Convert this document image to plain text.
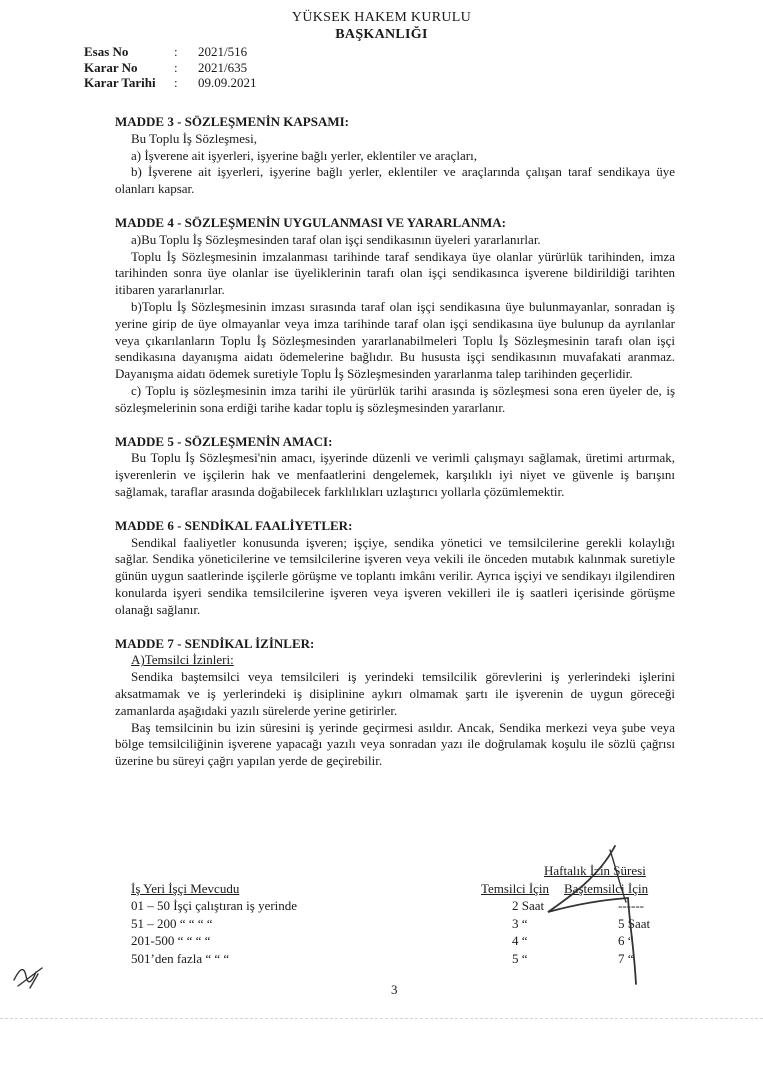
YÜKSEK HAKEM KURULU
BAŞKANLIĞI
Esas No	:	2021/516
Karar No	:	2021/635
Karar Tarihi	:	09.09.2021

MADDE 3 - SÖZLEŞMENİN KAPSAMI:

Bu Toplu İş Sözleşmesi,

a) İşverene ait işyerleri, işyerine bağlı yerler, eklentiler ve araçları,

b) İşverene ait işyerleri, işyerine bağlı yerler, eklentiler ve araçlarında çalışan taraf sendikaya üye olanları kapsar.

MADDE 4 - SÖZLEŞMENİN UYGULANMASI VE YARARLANMA:

a)Bu Toplu İş Sözleşmesinden taraf olan işçi sendikasının üyeleri yararlanırlar.

Toplu İş Sözleşmesinin imzalanması tarihinde taraf sendikaya üye olanlar yürürlük tarihinden, imza tarihinden sonra üye olanlar ise üyeliklerinin tarafı olan işçi sendikasınca işverene bildirildiği tarihten itibaren yararlanırlar.

b)Toplu İş Sözleşmesinin imzası sırasında taraf olan işçi sendikasına üye bulunmayanlar, sonradan iş yerine girip de üye olmayanlar veya imza tarihinde taraf olan işçi sendikasına üye bulunup da ayrılanlar veya çıkarılanların Toplu İş Sözleşmesinden yararlanabilmeleri Toplu İş Sözleşmesinin tarafı olan işçi sendikasına dayanışma aidatı ödemelerine bağlıdır. Bu hususta işçi sendikasının muvafakati aranmaz. Dayanışma aidatı ödemek suretiyle Toplu İş Sözleşmesinden yararlanma talep tarihinden geçerlidir.

c) Toplu iş sözleşmesinin imza tarihi ile yürürlük tarihi arasında iş sözleşmesi sona eren üyeler de, iş sözleşmelerinin sona erdiği tarihe kadar toplu iş sözleşmesinden yararlanır.

MADDE 5 - SÖZLEŞMENİN AMACI:

Bu Toplu İş Sözleşmesi'nin amacı, işyerinde düzenli ve verimli çalışmayı sağlamak, üretimi artırmak, işverenlerin ve işçilerin hak ve menfaatlerini dengelemek, karşılıklı iyi niyet ve güvenle iş barışını sağlamak, taraflar arasında doğabilecek farklılıkları uzlaştırıcı yollarla çözümlemektir.

MADDE 6 - SENDİKAL FAALİYETLER:

Sendikal faaliyetler konusunda işveren; işçiye, sendika yönetici ve temsilcilerine gerekli kolaylığı sağlar. Sendika yöneticilerine ve temsilcilerine işveren veya vekili ile önceden mutabık kalınmak suretiyle günün uygun saatlerinde işçilerle görüşme ve toplantı imkânı verilir. Ayrıca işçiyi ve sendikayı ilgilendiren konularda işyeri sendika temsilcilerine işveren veya işveren vekilleri ile iş saatleri içerisinde görüşme olanağı sağlanır.

MADDE 7 - SENDİKAL İZİNLER:

A)Temsilci İzinleri:

Sendika baştemsilci veya temsilcileri iş yerindeki temsilcilik görevlerini iş yerlerindeki işlerini aksatmamak ve iş yerlerindeki iş disiplinine aykırı olmamak şartı ile işverenin de uygun göreceği zamanlarda aşağıdaki yazılı sürelerde yerine getirirler.

Baş temsilcinin bu izin süresini iş yerinde geçirmesi asıldır. Ancak, Sendika merkezi veya şube veya bölge temsilciliğinin işverene yapacağı yazılı veya sonradan yazı ile doğrulamak koşulu ile sözlü çağrısı üzerine bu süreyi çağrı yapılan yerde de geçirebilir.

Haftalık İzin Süresi
İş Yeri İşçi Mevcudu	Temsilci İçin Baştemsilci İçin
01 – 50 İşçi çalıştıran iş yerinde	2 Saat	------
51 – 200 “ “ “ “	3 “	5 Saat
201-500 “ “ “ “	4 “	6 “
501’den fazla “ “ “	5 “	7 “
3
